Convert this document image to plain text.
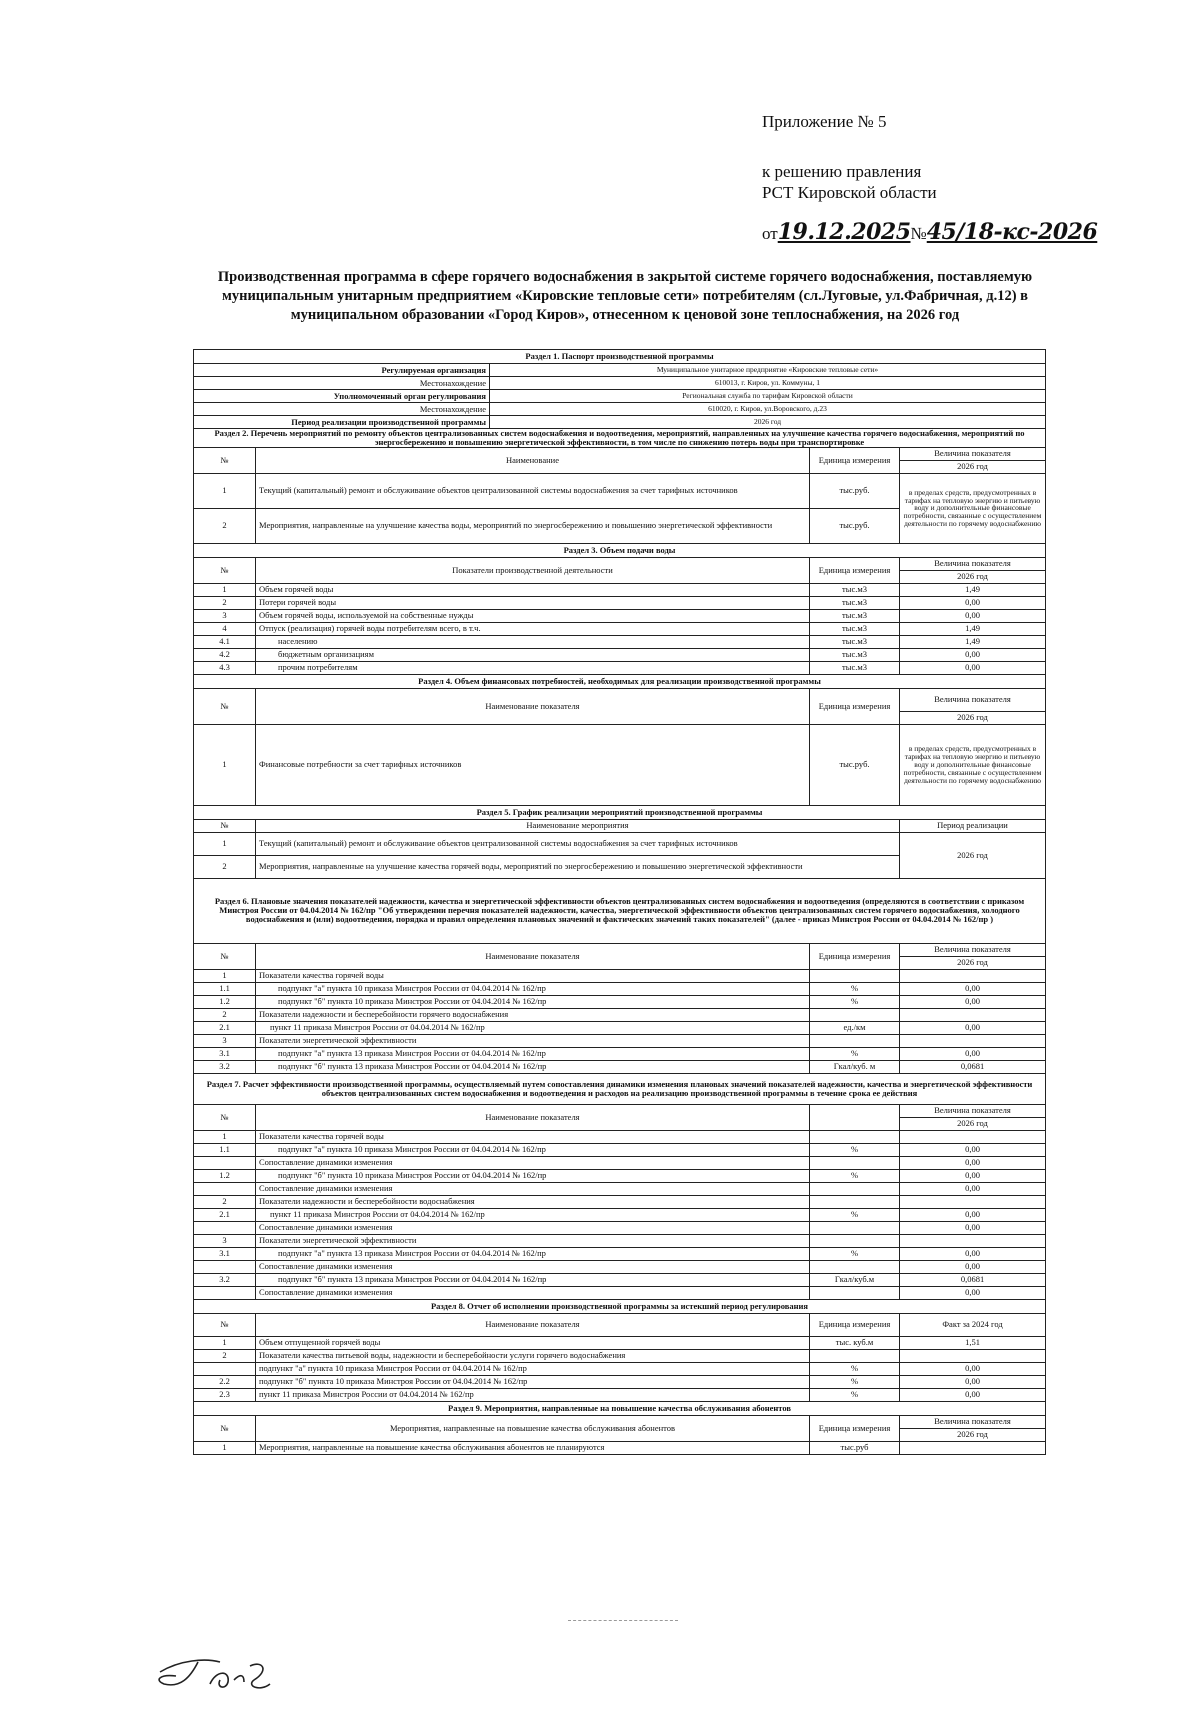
Приложение № 5
к решению правления
РСТ Кировской области
от19.12.2025№45/18-кс-2026
Производственная программа в сфере горячего водоснабжения в закрытой системе горячего водоснабжения, поставляемую муниципальным унитарным предприятием «Кировские тепловые сети» потребителям (сл.Луговые, ул.Фабричная, д.12) в муниципальном образовании «Город Киров», отнесенном к ценовой зоне теплоснабжения, на 2026 год
Раздел 1. Паспорт производственной программы				
Регулируемая организация		Муниципальное унитарное предприятие «Кировские тепловые сети»		
Местонахождение		610013, г. Киров, ул. Коммуны, 1		
Уполномоченный орган регулирования		Региональная служба по тарифам Кировской области		
Местонахождение		610020, г. Киров, ул.Воровского, д.23		
Период реализации производственной программы		2026 год		
Раздел 2. Перечень мероприятий по ремонту объектов централизованных систем водоснабжения и водоотведения, мероприятий, направленных на улучшение качества горячего водоснабжения, мероприятий по энергосбережению и повышению энергетической эффективности, в том числе по снижению потерь воды при транспортировке				
№	Наименование		Единица измерения	Величина показателя
				2026 год
1	Текущий (капитальный) ремонт и обслуживание объектов централизованной системы водоснабжения за счет тарифных источников		тыс.руб.	в пределах средств, предусмотренных в тарифах на тепловую энергию и питьевую воду и дополнительные финансовые потребности, связанные с осуществлением деятельности по горячему водоснабжению
2	Мероприятия, направленные на улучшение качества воды, мероприятий по энергосбережению и повышению энергетической эффективности		тыс.руб.	
Раздел 3. Объем подачи воды				
№	Показатели производственной деятельности		Единица измерения	Величина показателя
				2026 год
1	Объем горячей воды		тыс.м3	1,49
2	Потери горячей воды		тыс.м3	0,00
3	Объем горячей воды, используемой на собственные нужды		тыс.м3	0,00
4	Отпуск (реализация) горячей воды потребителям всего, в т.ч.		тыс.м3	1,49
4.1	населению		тыс.м3	1,49
4.2	бюджетным организациям		тыс.м3	0,00
4.3	прочим потребителям		тыс.м3	0,00
Раздел 4. Объем финансовых потребностей, необходимых для реализации производственной программы				
№	Наименование показателя		Единица измерения	Величина показателя
				2026 год
1	Финансовые потребности за счет тарифных источников		тыс.руб.	в пределах средств, предусмотренных в тарифах на тепловую энергию и питьевую воду и дополнительные финансовые потребности, связанные с осуществлением деятельности по горячему водоснабжению
Раздел 5. График реализации мероприятий производственной программы				
№	Наименование мероприятия			Период реализации
1	Текущий (капитальный) ремонт и обслуживание объектов централизованной системы водоснабжения за счет тарифных источников			2026 год
2	Мероприятия, направленные на улучшение качества горячей воды, мероприятий по энергосбережению и повышению энергетической эффективности			
Раздел 6. Плановые значения показателей надежности, качества и энергетической эффективности объектов централизованных систем водоснабжения и водоотведения (определяются в соответствии с приказом Минстроя России от 04.04.2014 № 162/пр "Об утверждении перечня показателей надежности, качества, энергетической эффективности объектов централизованных систем горячего водоснабжения, холодного водоснабжения и (или) водоотведения, порядка и правил определения плановых значений и фактических значений таких показателей" (далее - приказ Минстроя России от 04.04.2014 № 162/пр )				
№	Наименование показателя		Единица измерения	Величина показателя
				2026 год
1	Показатели качества горячей воды			
1.1	подпункт "а" пункта 10 приказа Минстроя России от 04.04.2014 № 162/пр		%	0,00
1.2	подпункт "б" пункта 10 приказа Минстроя России от 04.04.2014 № 162/пр		%	0,00
2	Показатели надежности и бесперебойности горячего водоснабжения			
2.1	пункт 11 приказа Минстроя России от 04.04.2014 № 162/пр		ед./км	0,00
3	Показатели энергетической эффективности			
3.1	подпункт "а" пункта 13 приказа Минстроя России от 04.04.2014 № 162/пр		%	0,00
3.2	подпункт "б" пункта 13 приказа Минстроя России от 04.04.2014 № 162/пр		Гкал/куб. м	0,0681
Раздел 7. Расчет эффективности производственной программы, осуществляемый путем сопоставления динамики изменения плановых значений показателей надежности, качества и энергетической эффективности объектов централизованных систем водоснабжения и водоотведения и расходов на реализацию производственной программы в течение срока ее действия				
№	Наименование показателя			Величина показателя
				2026 год
1	Показатели качества горячей воды			
1.1	подпункт "а" пункта 10 приказа Минстроя России от 04.04.2014 № 162/пр		%	0,00
	Сопоставление динамики изменения			0,00
1.2	подпункт "б" пункта 10 приказа Минстроя России от 04.04.2014 № 162/пр		%	0,00
	Сопоставление динамики изменения			0,00
2	Показатели надежности и бесперебойности водоснабжения			
2.1	пункт 11 приказа Минстроя России от 04.04.2014 № 162/пр		%	0,00
	Сопоставление динамики изменения			0,00
3	Показатели энергетической эффективности			
3.1	подпункт "а" пункта 13 приказа Минстроя России от 04.04.2014 № 162/пр		%	0,00
	Сопоставление динамики изменения			0,00
3.2	подпункт "б" пункта 13 приказа Минстроя России от 04.04.2014 № 162/пр		Гкал/куб.м	0,0681
	Сопоставление динамики изменения			0,00
Раздел 8. Отчет об исполнении производственной программы за истекший период регулирования				
№	Наименование показателя		Единица измерения	Факт за 2024 год
1	Объем отпущенной горячей воды		тыс. куб.м	1,51
2	Показатели качества питьевой воды, надежности и бесперебойности услуги горячего водоснабжения			
	подпункт "а" пункта 10 приказа Минстроя России от 04.04.2014 № 162/пр		%	0,00
2.2	подпункт "б" пункта 10 приказа Минстроя России от 04.04.2014 № 162/пр		%	0,00
2.3	пункт 11 приказа Минстроя России от 04.04.2014 № 162/пр		%	0,00
Раздел 9. Мероприятия, направленные на повышение качества обслуживания абонентов				
№	Мероприятия, направленные на повышение качества обслуживания абонентов		Единица измерения	Величина показателя
				2026 год
1	Мероприятия, направленные на повышение качества обслуживания абонентов не планируются		тыс.руб	
